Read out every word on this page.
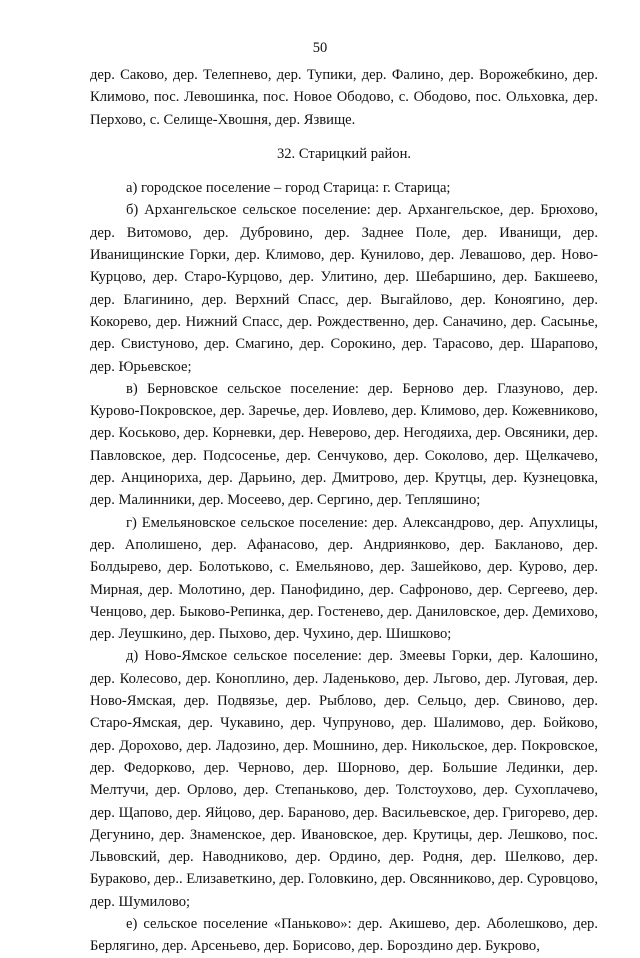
50

дер. Саково, дер. Телепнево, дер. Тупики, дер. Фалино, дер. Ворожебкино, дер. Климово, пос. Левошинка, пос. Новое Ободово, с. Ободово, пос. Ольховка, дер. Перхово, с. Селище-Хвошня, дер. Язвище.

32. Старицкий район.

а) городское поселение – город Старица: г. Старица;

б) Архангельское сельское поселение: дер. Архангельское, дер. Брюхово, дер. Витомово, дер. Дубровино, дер. Заднее Поле, дер. Иванищи, дер. Иванищинские Горки, дер. Климово, дер. Кунилово, дер. Левашово, дер. Ново-Курцово, дер. Старо-Курцово, дер. Улитино, дер. Шебаршино, дер. Бакшеево, дер. Благинино, дер. Верхний Спасс, дер. Выгайлово, дер. Коноягино, дер. Кокорево, дер. Нижний Спасс, дер. Рождественно, дер. Саначино, дер. Сасынье, дер. Свистуново, дер. Смагино, дер. Сорокино, дер. Тарасово, дер. Шарапово, дер. Юрьевское;

в) Берновское сельское поселение: дер. Берново дер. Глазуново, дер. Курово-Покровское, дер. Заречье, дер. Иовлево, дер. Климово, дер. Кожевниково, дер. Коськово, дер. Корневки, дер. Неверово, дер. Негодяиха, дер. Овсяники, дер. Павловское, дер. Подсосенье, дер. Сенчуково, дер. Соколово, дер. Щелкачево, дер. Анцинориха, дер. Дарьино, дер. Дмитрово, дер. Крутцы, дер. Кузнецовка, дер. Малинники, дер. Мосеево, дер. Сергино, дер. Тепляшино;

г) Емельяновское сельское поселение: дер. Александрово, дер. Апухлицы, дер. Аполишено, дер. Афанасово, дер. Андриянково, дер. Бакланово, дер. Болдырево, дер. Болотьково, с. Емельяново, дер. Зашейково, дер. Курово, дер. Мирная, дер. Молотино, дер. Панофидино, дер. Сафроново, дер. Сергеево, дер. Ченцово, дер. Быково-Репинка, дер. Гостенево, дер. Даниловское, дер. Демихово, дер. Леушкино, дер. Пыхово, дер. Чухино, дер. Шишково;

д) Ново-Ямское сельское поселение: дер. Змеевы Горки, дер. Калошино, дер. Колесово, дер. Коноплино, дер. Ладеньково, дер. Льгово, дер. Луговая, дер. Ново-Ямская, дер. Подвязье, дер. Рыблово, дер. Сельцо, дер. Свиново, дер. Старо-Ямская, дер. Чукавино, дер. Чупруново, дер. Шалимово, дер. Бойково, дер. Дорохово, дер. Ладозино, дер. Мошнино, дер. Никольское, дер. Покровское, дер. Федорково, дер. Черново, дер. Шорново, дер. Большие Лединки, дер. Мелтучи, дер. Орлово, дер. Степаньково, дер. Толстоухово, дер. Сухоплачево, дер. Щапово, дер. Яйцово, дер. Бараново, дер. Васильевское, дер. Григорево, дер. Дегунино, дер. Знаменское, дер. Ивановское, дер. Крутицы, дер. Лешково, пос. Львовский, дер. Наводниково, дер. Ордино, дер. Родня, дер. Шелково, дер. Бураково, дер.. Елизаветкино, дер. Головкино, дер. Овсянниково, дер. Суровцово, дер. Шумилово;

е) сельское поселение «Паньково»: дер. Акишево, дер. Аболешково, дер. Берлягино, дер. Арсеньево, дер. Борисово, дер. Бороздино дер. Букрово,
